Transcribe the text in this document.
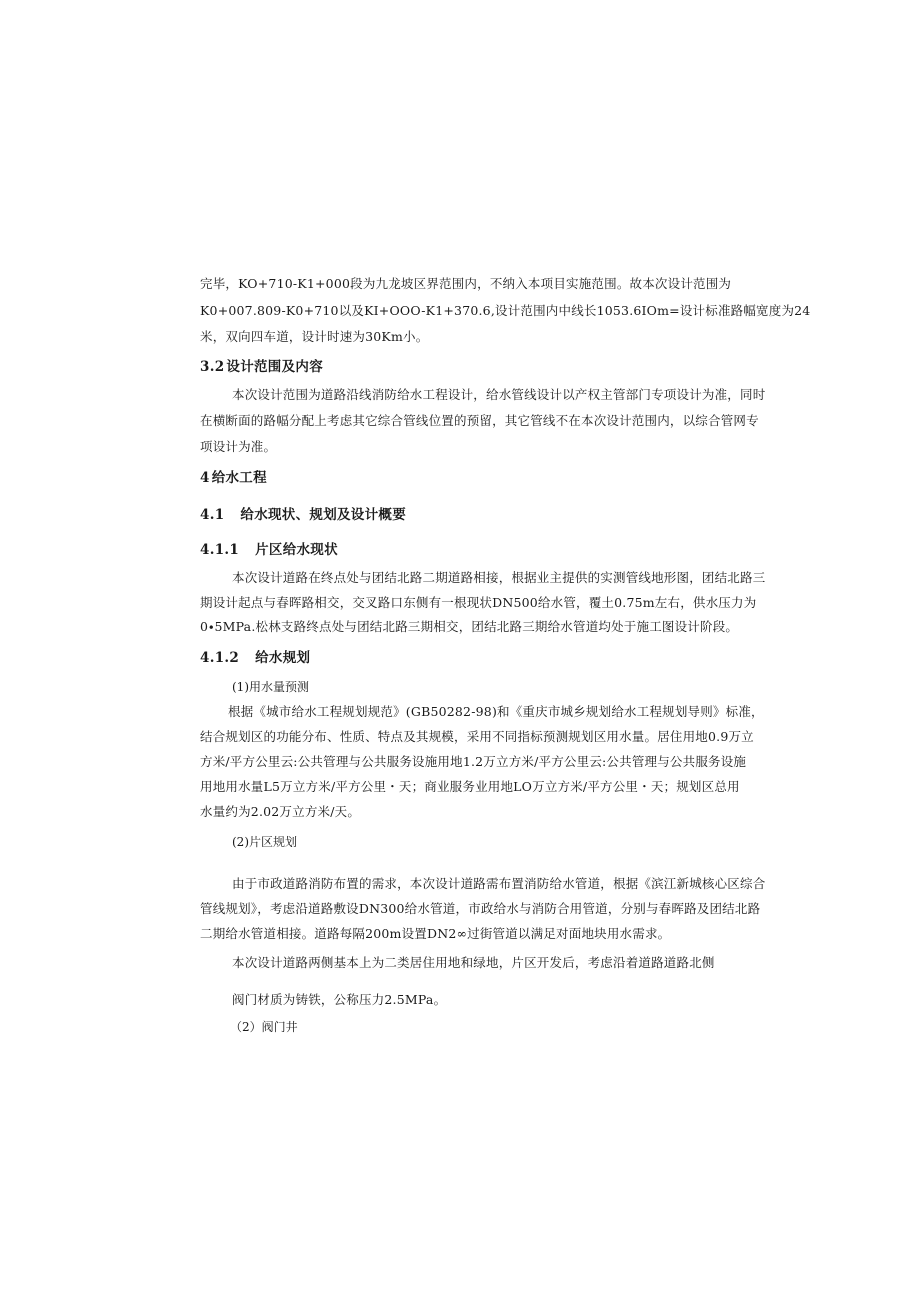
完毕，KO+710-K1+000段为九龙坡区界范围内，不纳入本项目实施范围。故本次设计范围为
K0+007.809-K0+710以及KI+OOO-K1+370.6,设计范围内中线长1053.6IOm=设计标准路幅宽度为24
米，双向四车道，设计时速为30Km小。
3.2 设计范围及内容
本次设计范围为道路沿线消防给水工程设计，给水管线设计以产权主管部门专项设计为准，同时
在横断面的路幅分配上考虑其它综合管线位置的预留，其它管线不在本次设计范围内，以综合管网专
项设计为准。
4 给水工程
4.1 给水现状、规划及设计概要
4.1.1 片区给水现状
本次设计道路在终点处与团结北路二期道路相接，根据业主提供的实测管线地形图，团结北路三
期设计起点与春晖路相交，交叉路口东侧有一根现状DN500给水管，覆土0.75m左右，供水压力为
0∙5MPa.松林支路终点处与团结北路三期相交，团结北路三期给水管道均处于施工图设计阶段。
4.1.2 给水规划
(1)用水量预测
根据《城市给水工程规划规范》(GB50282-98)和《重庆市城乡规划给水工程规划导则》标准，
结合规划区的功能分布、性质、特点及其规模，采用不同指标预测规划区用水量。居住用地0.9万立
方米/平方公里云:公共管理与公共服务设施用地1.2万立方米/平方公里云:公共管理与公共服务设施
用地用水量L5万立方米/平方公里・天；商业服务业用地LO万立方米/平方公里・天；规划区总用
水量约为2.02万立方米/天。
(2)片区规划
由于市政道路消防布置的需求，本次设计道路需布置消防给水管道，根据《滨江新城核心区综合
管线规划》，考虑沿道路敷设DN300给水管道，市政给水与消防合用管道，分别与春晖路及团结北路
二期给水管道相接。道路每隔200m设置DN2∞过街管道以满足对面地块用水需求。
本次设计道路两侧基本上为二类居住用地和绿地，片区开发后，考虑沿着道路道路北侧
阀门材质为铸铁，公称压力2.5MPa。
（2）阀门井
